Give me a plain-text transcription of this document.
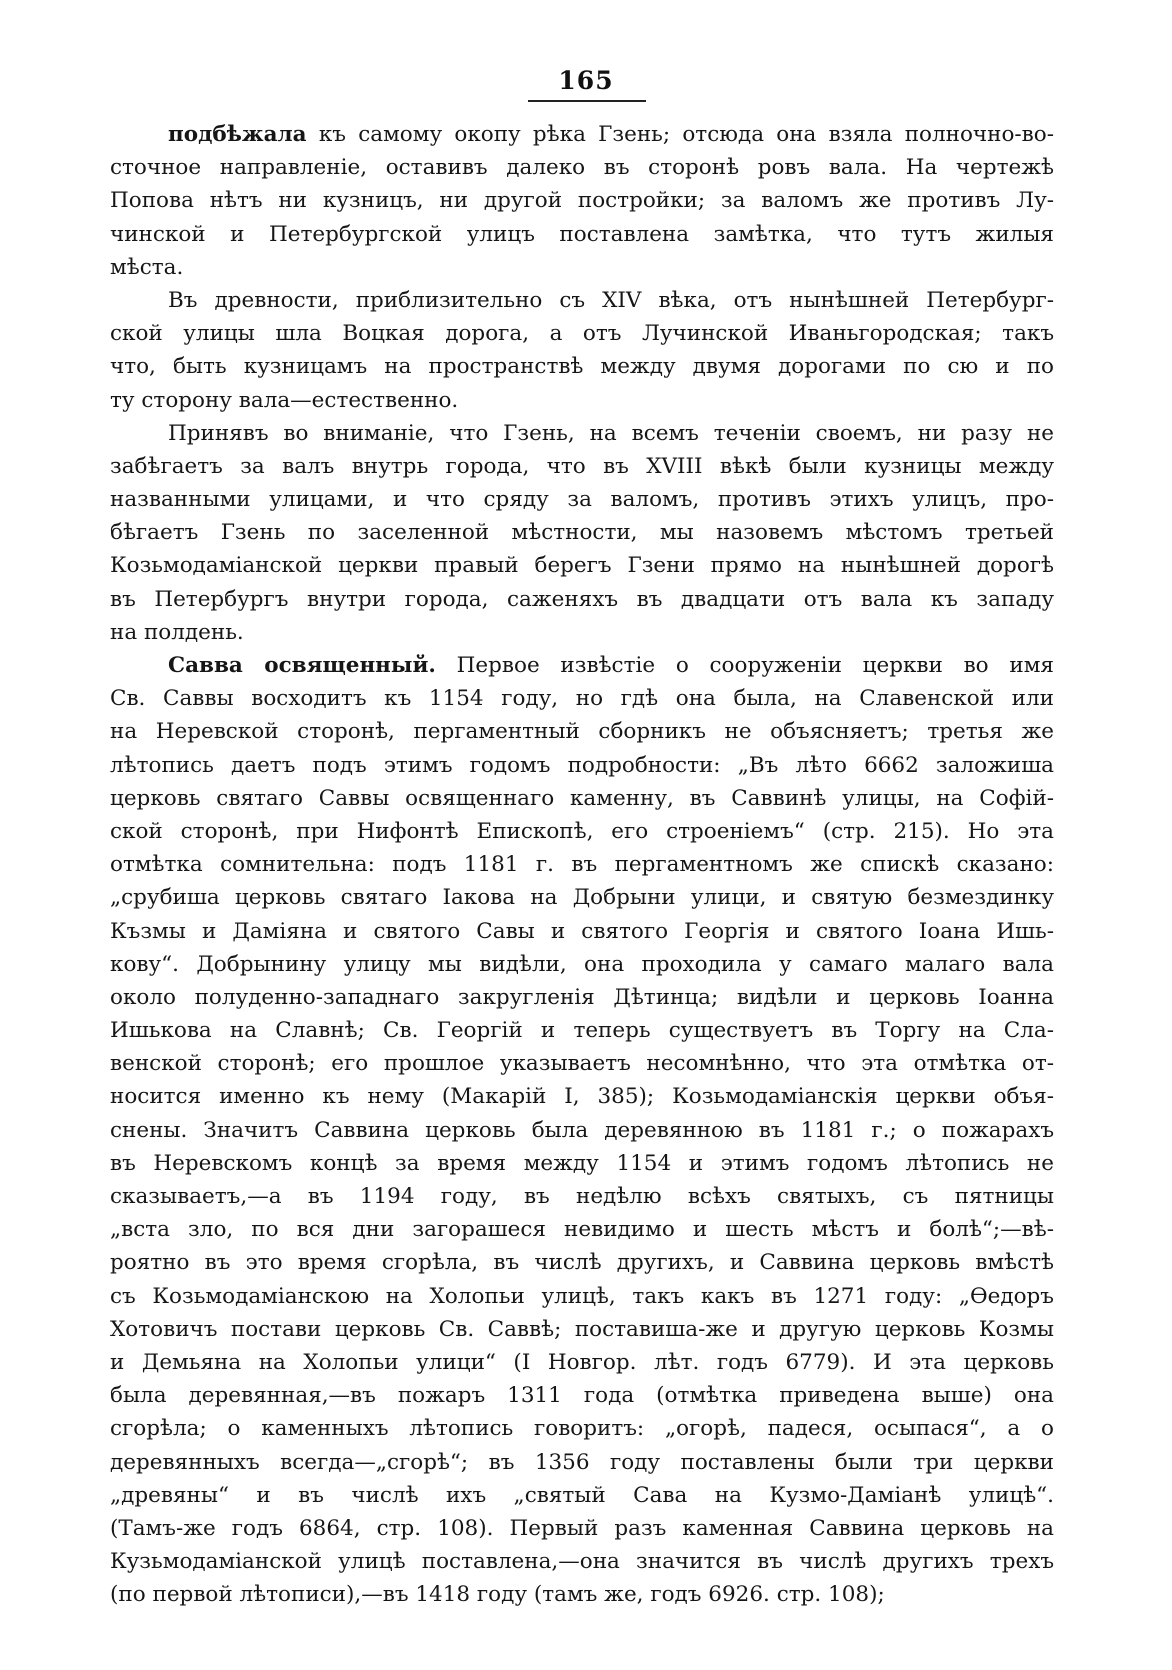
165
подбѣжала къ самому окопу рѣка Гзень; отсюда она взяла полночно-во-
сточное направленіе, оставивъ далеко въ сторонѣ ровъ вала. На чертежѣ
Попова нѣтъ ни кузницъ, ни другой постройки; за валомъ же противъ Лу-
чинской и Петербургской улицъ поставлена замѣтка, что тутъ жилыя
мѣста.
Въ древности, приблизительно съ XIV вѣка, отъ нынѣшней Петербург-
ской улицы шла Воцкая дорога, а отъ Лучинской Иваньгородская; такъ
что, быть кузницамъ на пространствѣ между двумя дорогами по сю и по
ту сторону вала—естественно.
Принявъ во вниманіе, что Гзень, на всемъ теченіи своемъ, ни разу не
забѣгаетъ за валъ внутрь города, что въ XVIII вѣкѣ были кузницы между
названными улицами, и что сряду за валомъ, противъ этихъ улицъ, про-
бѣгаетъ Гзень по заселенной мѣстности, мы назовемъ мѣстомъ третьей
Козьмодаміанской церкви правый берегъ Гзени прямо на нынѣшней дорогѣ
въ Петербургъ внутри города, саженяхъ въ двадцати отъ вала къ западу
на полдень.
Савва освященный. Первое извѣстіе о сооруженіи церкви во имя
Св. Саввы восходитъ къ 1154 году, но гдѣ она была, на Славенской или
на Неревской сторонѣ, пергаментный сборникъ не объясняетъ; третья же
лѣтопись даетъ подъ этимъ годомъ подробности: „Въ лѣто 6662 заложиша
церковь святаго Саввы освященнаго каменну, въ Саввинѣ улицы, на Софій-
ской сторонѣ, при Нифонтѣ Епископѣ, его строеніемъ“ (стр. 215). Но эта
отмѣтка сомнительна: подъ 1181 г. въ пергаментномъ же спискѣ сказано:
„срубиша церковь святаго Іакова на Добрыни улици, и святую безмездинку
Къзмы и Даміяна и святого Савы и святого Георгія и святого Іоана Ишь-
кову“. Добрынину улицу мы видѣли, она проходила у самаго малаго вала
около полуденно-западнаго закругленія Дѣтинца; видѣли и церковь Іоанна
Ишькова на Славнѣ; Св. Георгій и теперь существуетъ въ Торгу на Сла-
венской сторонѣ; его прошлое указываетъ несомнѣнно, что эта отмѣтка от-
носится именно къ нему (Макарій I, 385); Козьмодаміанскія церкви объя-
снены. Значитъ Саввина церковь была деревянною въ 1181 г.; о пожарахъ
въ Неревскомъ концѣ за время между 1154 и этимъ годомъ лѣтопись не
сказываетъ,—а въ 1194 году, въ недѣлю всѣхъ святыхъ, съ пятницы
„вста зло, по вся дни загорашеся невидимо и шесть мѣстъ и болѣ“;—вѣ-
роятно въ это время сгорѣла, въ числѣ другихъ, и Саввина церковь вмѣстѣ
съ Козьмодаміанскою на Холопьи улицѣ, такъ какъ въ 1271 году: „Ѳедоръ
Хотовичъ постави церковь Св. Саввѣ; поставиша-же и другую церковь Козмы
и Демьяна на Холопьи улици“ (I Новгор. лѣт. годъ 6779). И эта церковь
была деревянная,—въ пожаръ 1311 года (отмѣтка приведена выше) она
сгорѣла; о каменныхъ лѣтопись говоритъ: „огорѣ, падеся, осыпася“, а о
деревянныхъ всегда—„сгорѣ“; въ 1356 году поставлены были три церкви
„древяны“ и въ числѣ ихъ „святый Сава на Кузмо-Даміанѣ улицѣ“.
(Тамъ-же годъ 6864, стр. 108). Первый разъ каменная Саввина церковь на
Кузьмодаміанской улицѣ поставлена,—она значится въ числѣ другихъ трехъ
(по первой лѣтописи),—въ 1418 году (тамъ же, годъ 6926. стр. 108);
